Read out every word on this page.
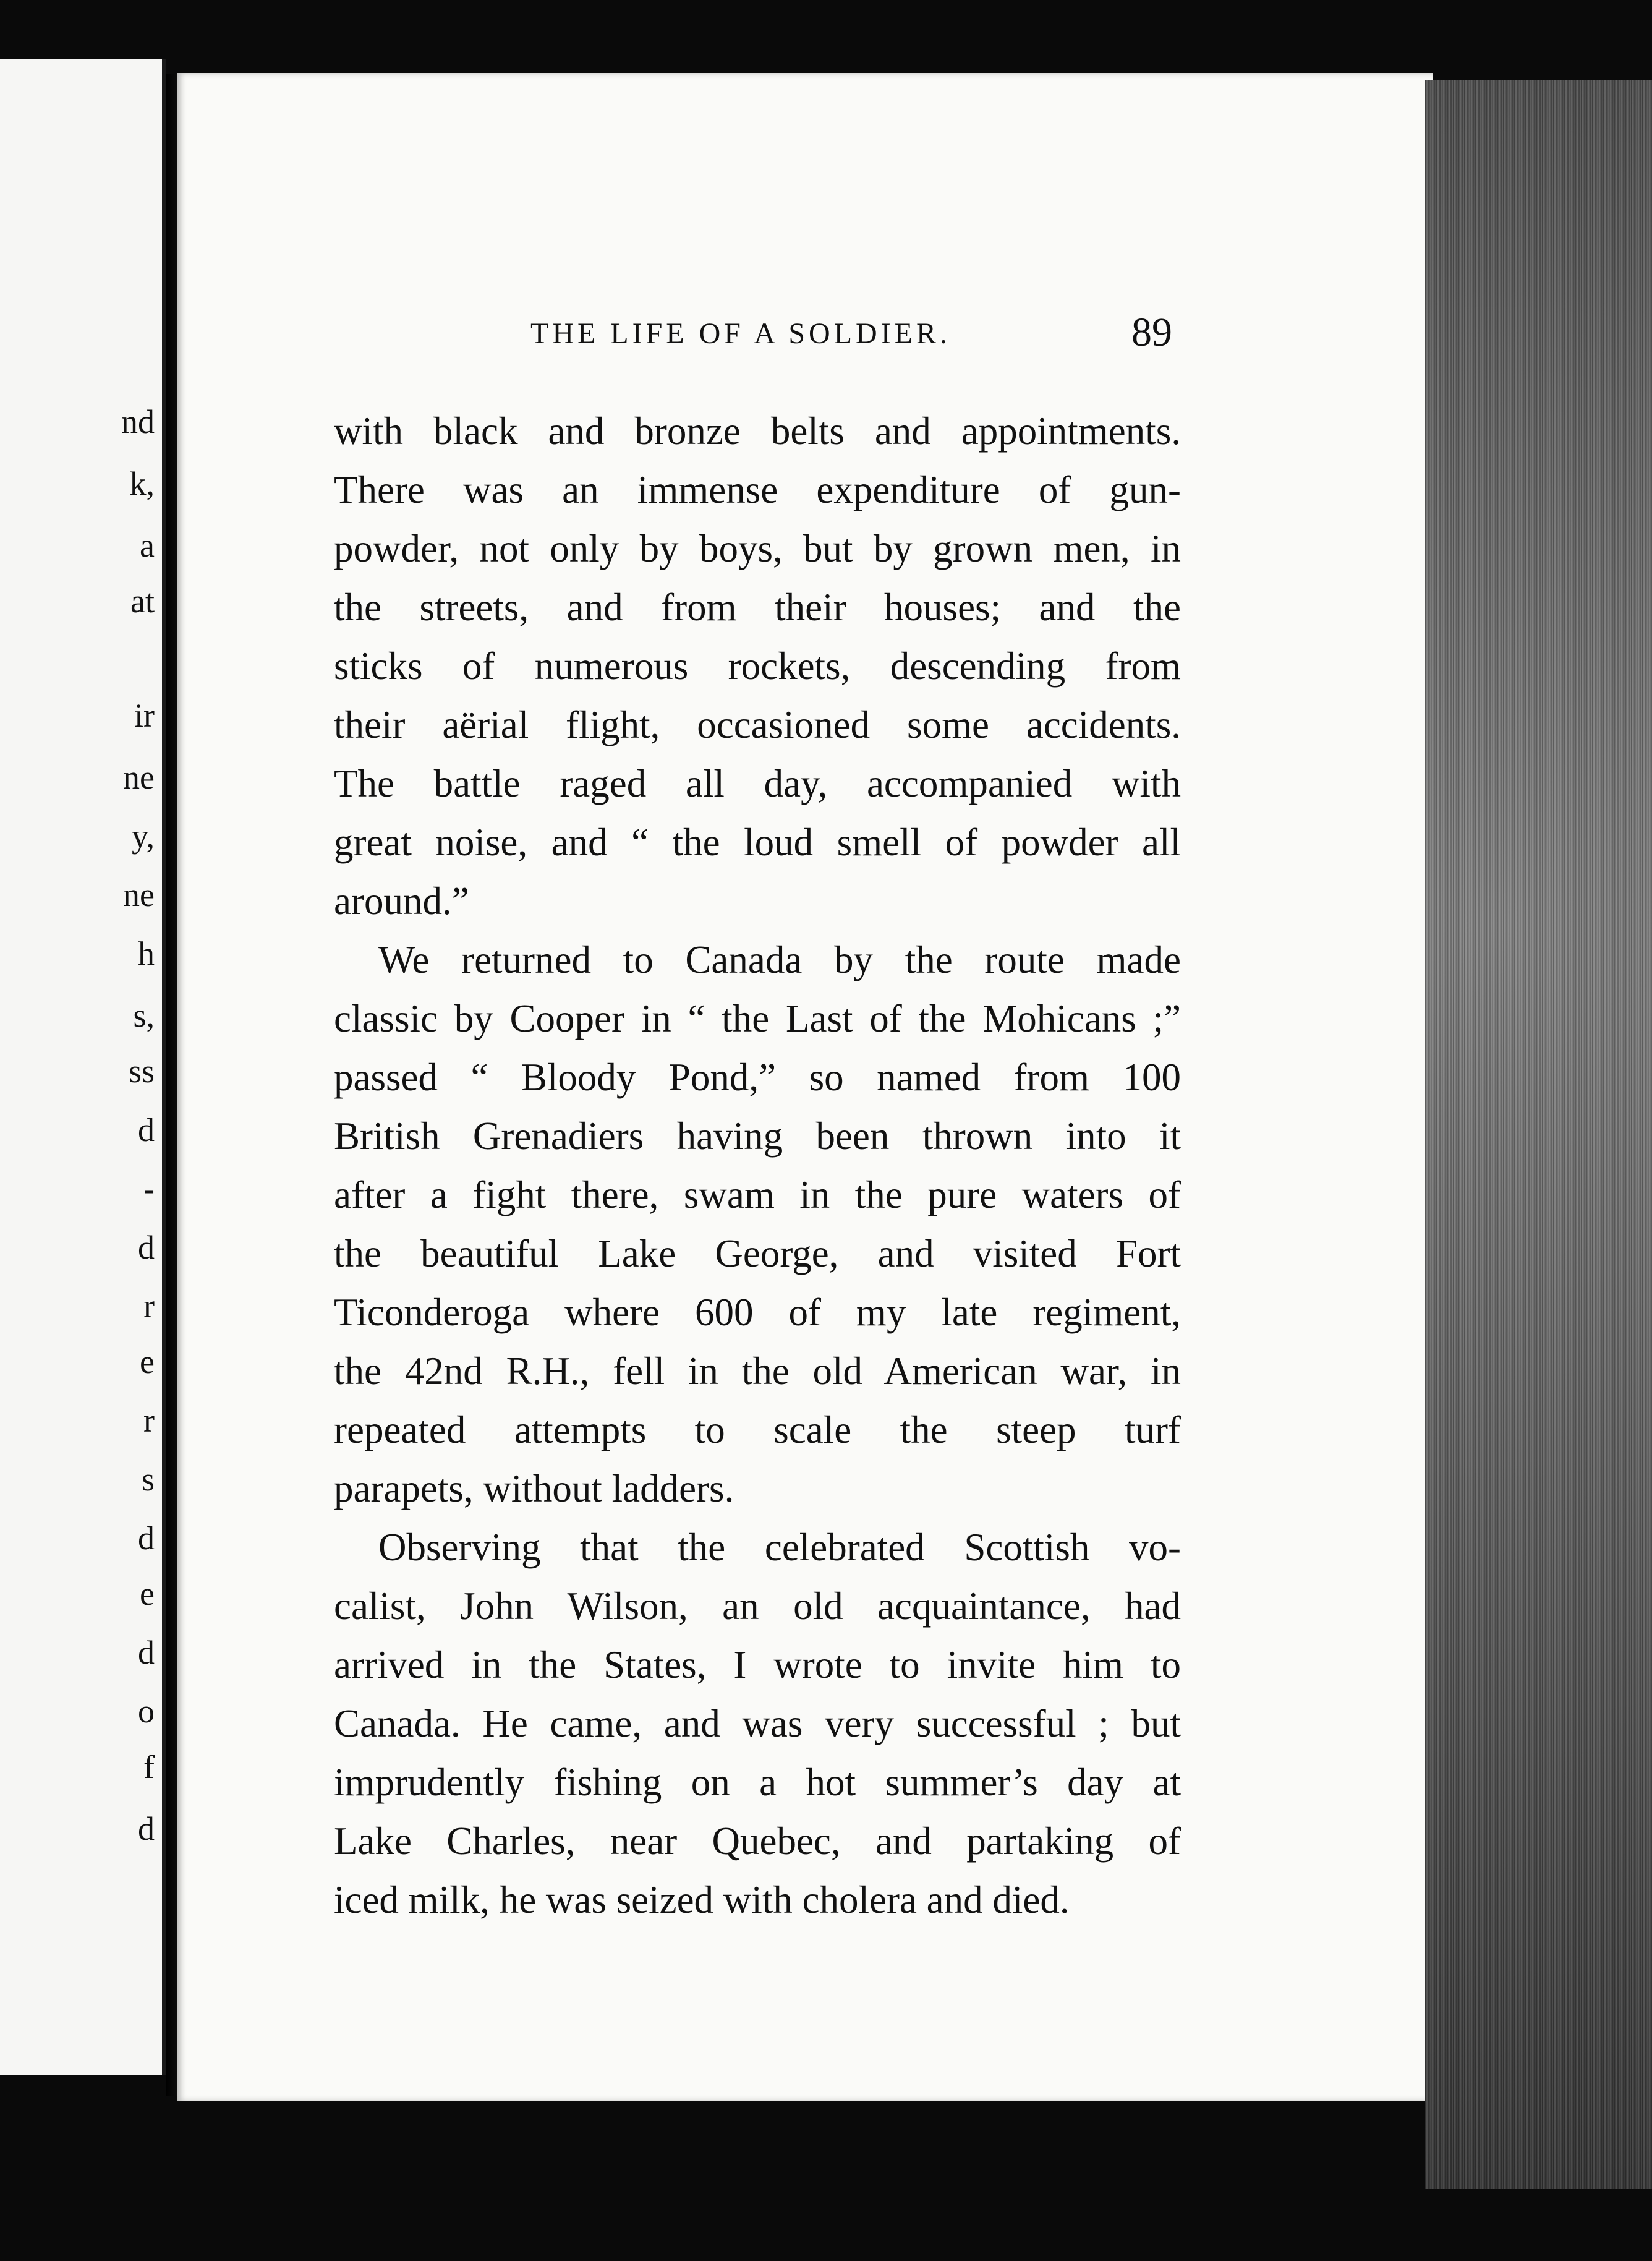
nd
k,
a
at
ir
ne
y,
ne
h
s,
ss
d
-
d
r
e
r
s
d
e
d
o
f
d
THE LIFE OF A SOLDIER.	89

with black and bronze belts and appointments.
There was an immense expenditure of gun-
powder, not only by boys, but by grown men, in
the streets, and from their houses; and the
sticks of numerous rockets, descending from
their aërial flight, occasioned some accidents.
The battle raged all day, accompanied with
great noise, and “ the loud smell of powder all
around.”

We returned to Canada by the route made
classic by Cooper in “ the Last of the Mohicans ;”
passed “ Bloody Pond,” so named from 100
British Grenadiers having been thrown into it
after a fight there, swam in the pure waters of
the beautiful Lake George, and visited Fort
Ticonderoga where 600 of my late regiment,
the 42nd R.H., fell in the old American war, in
repeated attempts to scale the steep turf
parapets, without ladders.

Observing that the celebrated Scottish vo-
calist, John Wilson, an old acquaintance, had
arrived in the States, I wrote to invite him to
Canada. He came, and was very successful ; but
imprudently fishing on a hot summer’s day at
Lake Charles, near Quebec, and partaking of
iced milk, he was seized with cholera and died.
